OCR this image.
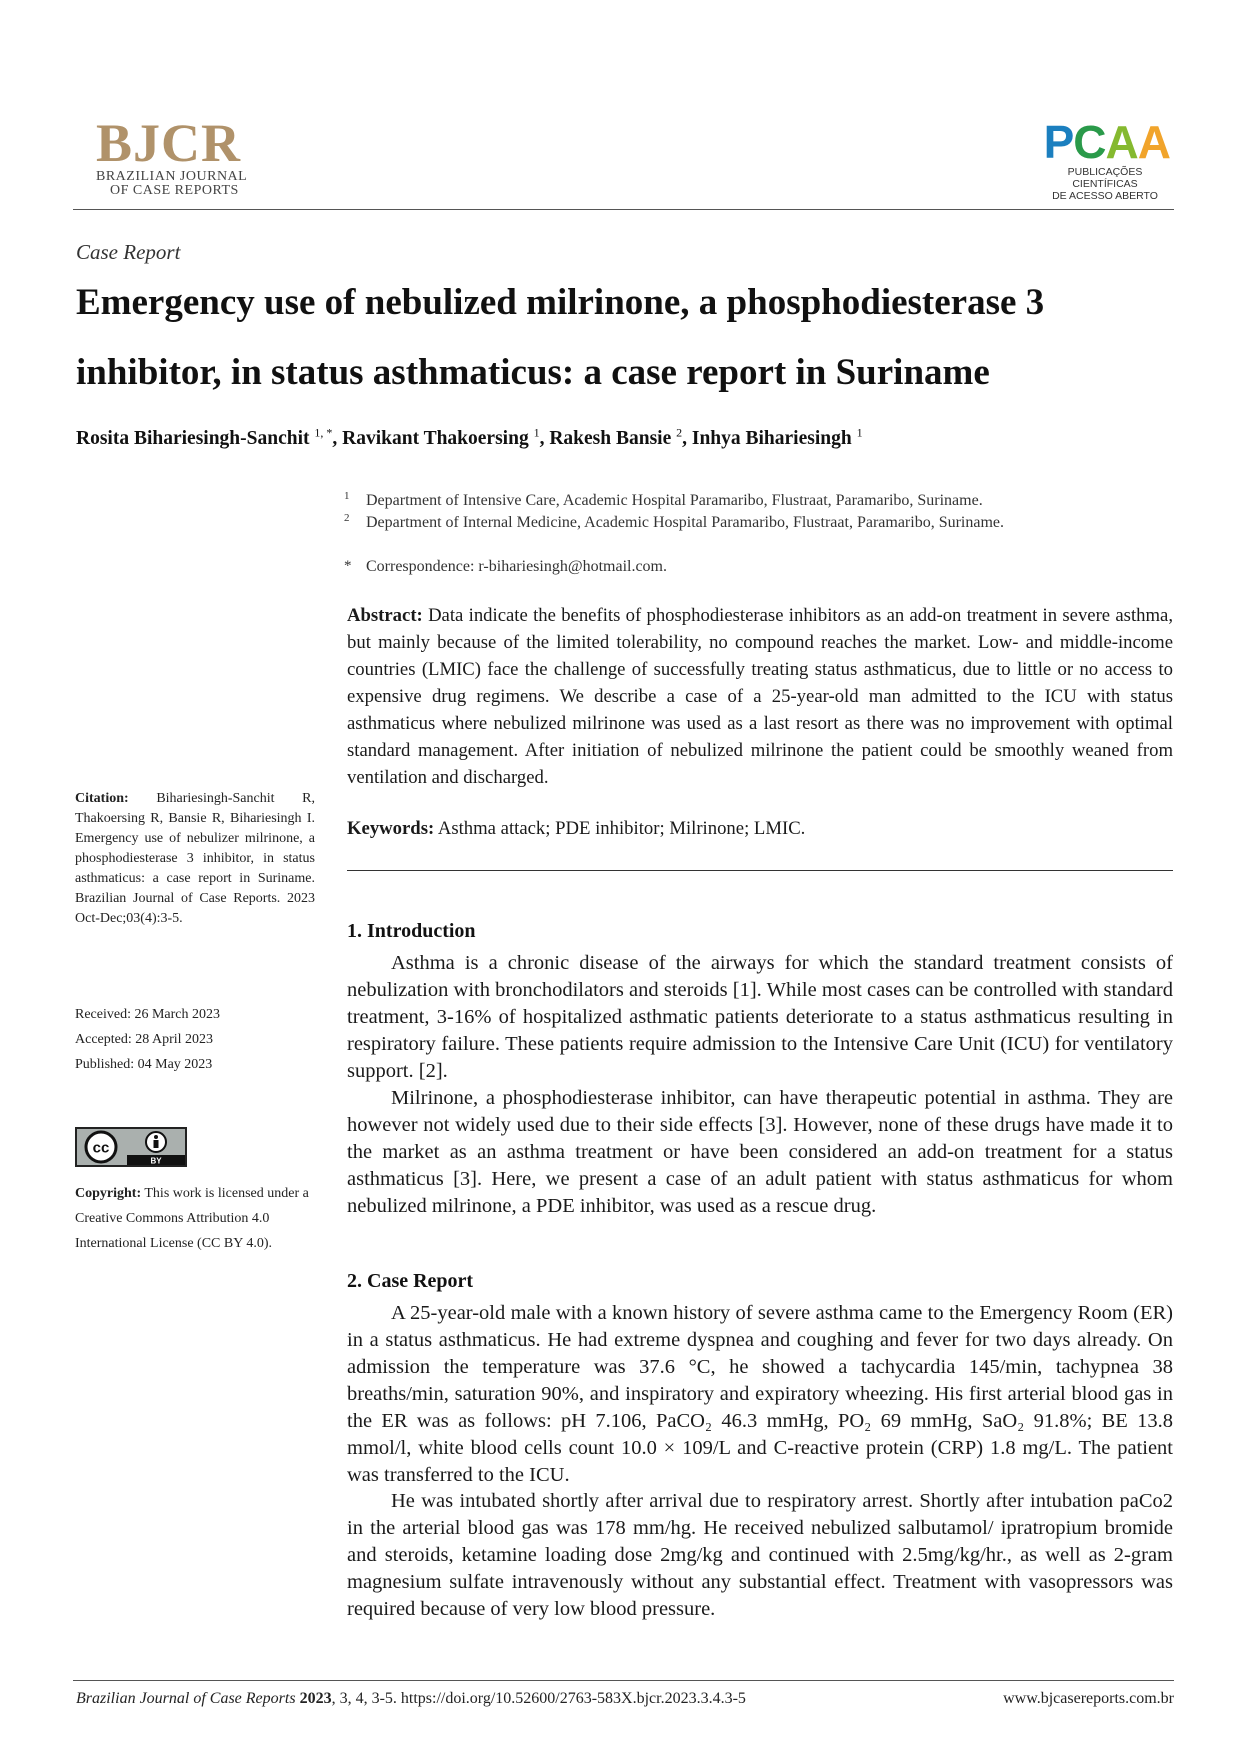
BJCR
BRAZILIAN JOURNAL
OF CASE REPORTS
PCAA
PUBLICAÇÕES CIENTÍFICAS
DE ACESSO ABERTO
Case Report
Emergency use of nebulized milrinone, a phosphodiesterase 3
inhibitor, in status asthmaticus: a case report in Suriname
Rosita Bihariesingh-Sanchit $^{1, *}$, Ravikant Thakoersing $^1$, Rakesh Bansie $^2$, Inhya Bihariesingh $^1$
1 Department of Intensive Care, Academic Hospital Paramaribo, Flustraat, Paramaribo, Suriname.
2 Department of Internal Medicine, Academic Hospital Paramaribo, Flustraat, Paramaribo, Suriname.
* Correspondence: r-bihariesingh@hotmail.com.
Abstract: Data indicate the benefits of phosphodiesterase inhibitors as an add-on treatment in severe asthma, but mainly because of the limited tolerability, no compound reaches the market. Low- and middle-income countries (LMIC) face the challenge of successfully treating status asthmaticus, due to little or no access to expensive drug regimens. We describe a case of a 25-year-old man admitted to the ICU with status asthmaticus where nebulized milrinone was used as a last resort as there was no improvement with optimal standard management. After initiation of nebulized milrinone the patient could be smoothly weaned from ventilation and discharged.
Keywords: Asthma attack; PDE inhibitor; Milrinone; LMIC.
Citation: Bihariesingh-Sanchit R, Thakoersing R, Bansie R, Bihariesingh I. Emergency use of nebulizer milrinone, a phosphodiesterase 3 inhibitor, in status asthmaticus: a case report in Suriname. Brazilian Journal of Case Reports. 2023 Oct-Dec;03(4):3-5.
Received: 26 March 2023
Accepted: 28 April 2023
Published: 04 May 2023
cc
BY
Copyright: This work is licensed under a Creative Commons Attribution 4.0 International License (CC BY 4.0).
1. Introduction
Asthma is a chronic disease of the airways for which the standard treatment consists of nebulization with bronchodilators and steroids [1]. While most cases can be controlled with standard treatment, 3-16% of hospitalized asthmatic patients deteriorate to a status asthmaticus resulting in respiratory failure. These patients require admission to the Intensive Care Unit (ICU) for ventilatory support. [2].
Milrinone, a phosphodiesterase inhibitor, can have therapeutic potential in asthma. They are however not widely used due to their side effects [3]. However, none of these drugs have made it to the market as an asthma treatment or have been considered an add-on treatment for a status asthmaticus [3]. Here, we present a case of an adult patient with status asthmaticus for whom nebulized milrinone, a PDE inhibitor, was used as a rescue drug.
2. Case Report
A 25-year-old male with a known history of severe asthma came to the Emergency Room (ER) in a status asthmaticus. He had extreme dyspnea and coughing and fever for two days already. On admission the temperature was 37.6 °C, he showed a tachycardia 145/min, tachypnea 38 breaths/min, saturation 90%, and inspiratory and expiratory wheezing. His first arterial blood gas in the ER was as follows: pH 7.106, PaCO₂ 46.3 mmHg, PO₂ 69 mmHg, SaO₂ 91.8%; BE 13.8 mmol/l, white blood cells count 10.0 × 109/L and C-reactive protein (CRP) 1.8 mg/L. The patient was transferred to the ICU.
He was intubated shortly after arrival due to respiratory arrest. Shortly after intubation paCo2 in the arterial blood gas was 178 mm/hg. He received nebulized salbutamol/ ipratropium bromide and steroids, ketamine loading dose 2mg/kg and continued with 2.5mg/kg/hr., as well as 2-gram magnesium sulfate intravenously without any substantial effect. Treatment with vasopressors was required because of very low blood pressure.
Brazilian Journal of Case Reports 2023, 3, 4, 3-5. https://doi.org/10.52600/2763-583X.bjcr.2023.3.4.3-5	www.bjcasereports.com.br
